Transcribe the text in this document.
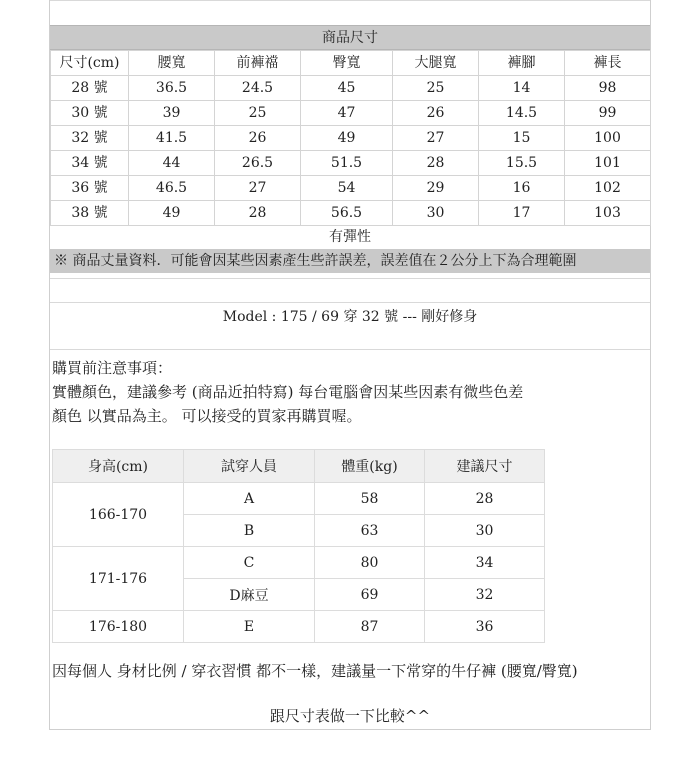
商品尺寸
尺寸(cm)	腰寬	前褲襠	臀寬	大腿寬	褲腳	褲長
28 號	36.5	24.5	45	25	14	98
30 號	39	25	47	26	14.5	99
32 號	41.5	26	49	27	15	100
34 號	44	26.5	51.5	28	15.5	101
36 號	46.5	27	54	29	16	102
38 號	49	28	56.5	30	17	103
有彈性
※ 商品丈量資料．可能會因某些因素產生些許誤差，誤差值在２公分上下為合理範圍
Model : 175 / 69 穿 32 號 --- 剛好修身
購買前注意事項：
實體顏色，建議參考 (商品近拍特寫) 每台電腦會因某些因素有微些色差
顏色 以實品為主。 可以接受的買家再購買喔。
身高(cm)	試穿人員	體重(kg)	建議尺寸
166-170	A	58	28
	B	63	30
171-176	C	80	34
	D麻豆	69	32
176-180	E	87	36
因每個人 身材比例 / 穿衣習慣 都不一樣，建議量一下常穿的牛仔褲 (腰寬/臀寬)
跟尺寸表做一下比較^^
